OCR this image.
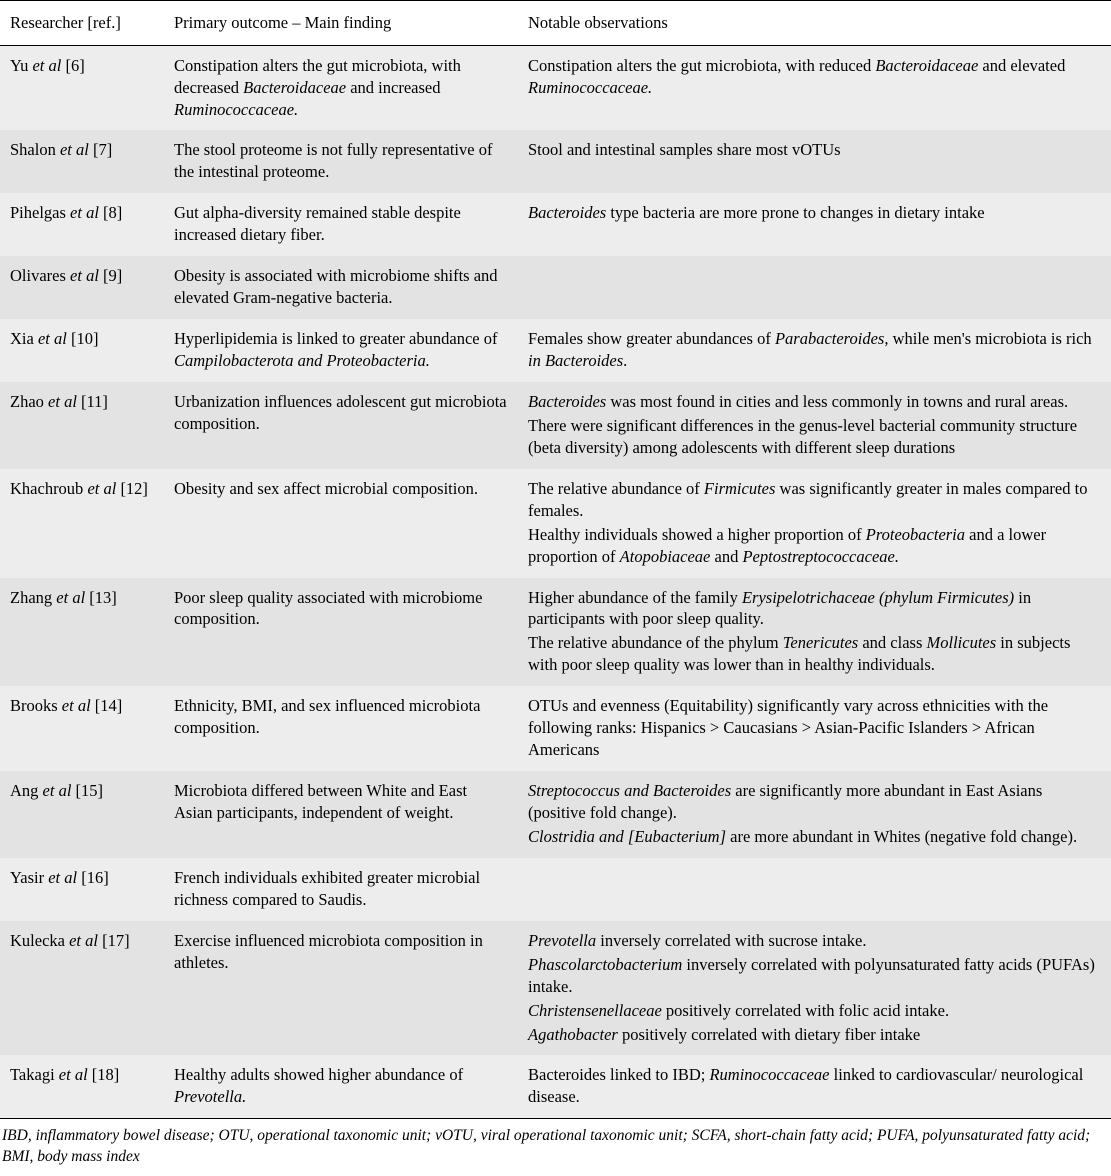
Researcher [ref.]	Primary outcome – Main finding	Notable observations
Yu et al [6]	Constipation alters the gut microbiota, with decreased Bacteroidaceae and increased Ruminococcaceae.	Constipation alters the gut microbiota, with reduced Bacteroidaceae and elevated Ruminococcaceae.
Shalon et al [7]	The stool proteome is not fully representative of the intestinal proteome.	Stool and intestinal samples share most vOTUs
Pihelgas et al [8]	Gut alpha-diversity remained stable despite increased dietary fiber.	Bacteroides type bacteria are more prone to changes in dietary intake
Olivares et al [9]	Obesity is associated with microbiome shifts and elevated Gram-negative bacteria.	
Xia et al [10]	Hyperlipidemia is linked to greater abundance of Campilobacterota and Proteobacteria.	Females show greater abundances of Parabacteroides, while men's microbiota is rich in Bacteroides.
Zhao et al [11]	Urbanization influences adolescent gut microbiota composition.	Bacteroides was most found in cities and less commonly in towns and rural areas.
There were significant differences in the genus-level bacterial community structure (beta diversity) among adolescents with different sleep durations

Khachroub et al [12]	Obesity and sex affect microbial composition.	The relative abundance of Firmicutes was significantly greater in males compared to females.
Healthy individuals showed a higher proportion of Proteobacteria and a lower proportion of Atopobiaceae and Peptostreptococcaceae.

Zhang et al [13]	Poor sleep quality associated with microbiome composition.	Higher abundance of the family Erysipelotrichaceae (phylum Firmicutes) in participants with poor sleep quality.
The relative abundance of the phylum Tenericutes and class Mollicutes in subjects with poor sleep quality was lower than in healthy individuals.

Brooks et al [14]	Ethnicity, BMI, and sex influenced microbiota composition.	OTUs and evenness (Equitability) significantly vary across ethnicities with the following ranks: Hispanics > Caucasians > Asian-Pacific Islanders > African Americans
Ang et al [15]	Microbiota differed between White and East Asian participants, independent of weight.	Streptococcus and Bacteroides are significantly more abundant in East Asians (positive fold change).
Clostridia and [Eubacterium] are more abundant in Whites (negative fold change).

Yasir et al [16]	French individuals exhibited greater microbial richness compared to Saudis.	
Kulecka et al [17]	Exercise influenced microbiota composition in athletes.	Prevotella inversely correlated with sucrose intake.
Phascolarctobacterium inversely correlated with polyunsaturated fatty acids (PUFAs) intake.
Christensenellaceae positively correlated with folic acid intake.
Agathobacter positively correlated with dietary fiber intake

Takagi et al [18]	Healthy adults showed higher abundance of Prevotella.	Bacteroides linked to IBD; Ruminococcaceae linked to cardiovascular/ neurological disease.
IBD, inflammatory bowel disease; OTU, operational taxonomic unit; vOTU, viral operational taxonomic unit; SCFA, short-chain fatty acid; PUFA, polyunsaturated fatty acid; BMI, body mass index
